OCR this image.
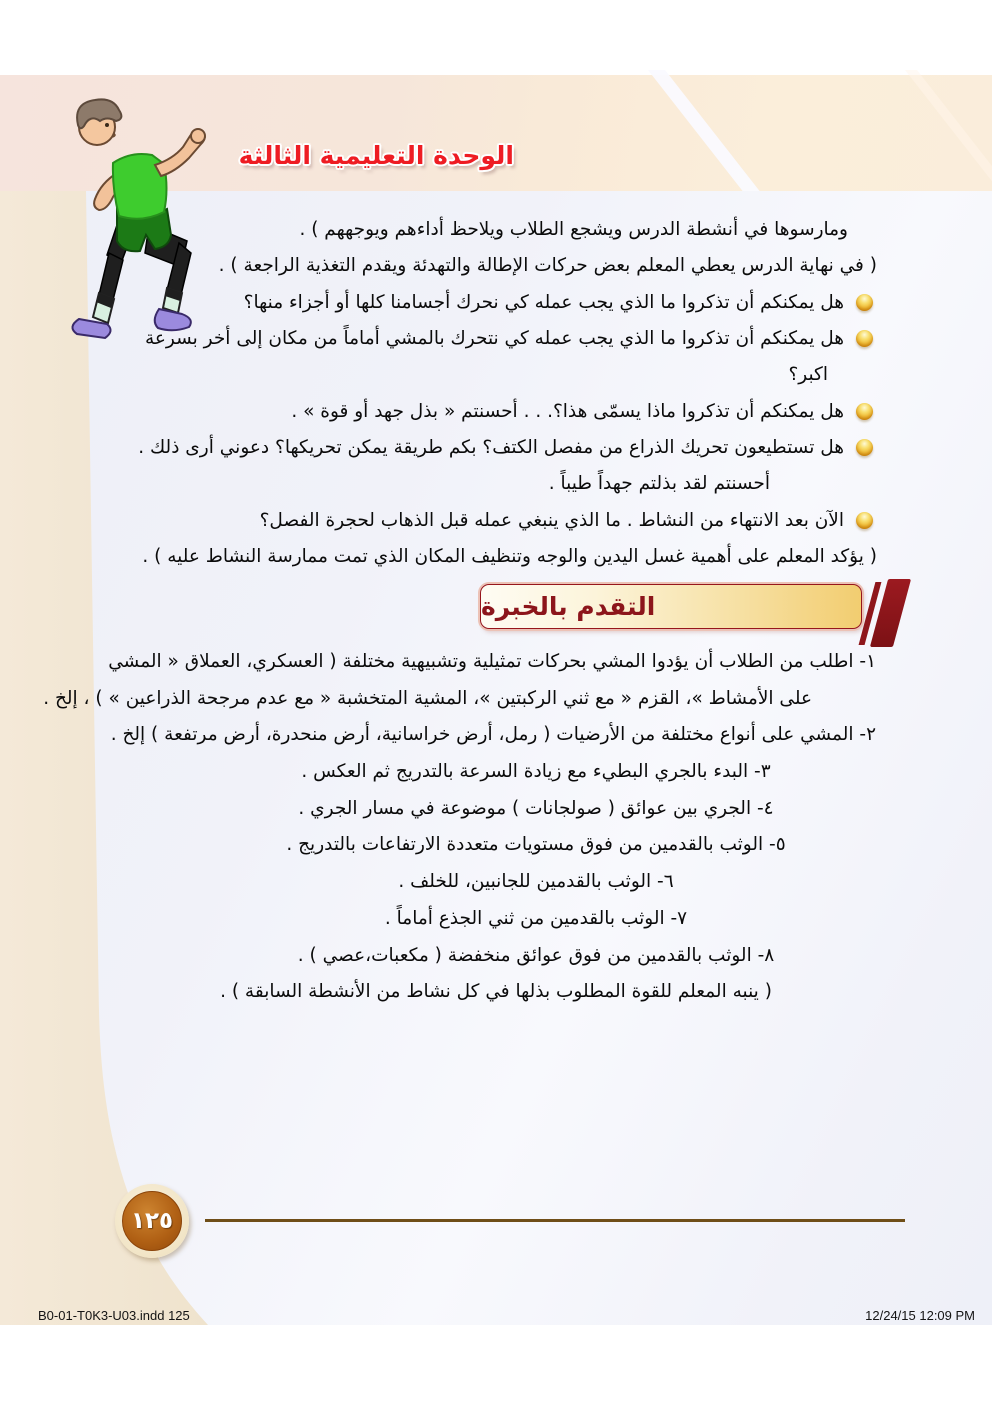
الوحدة التعليمية الثالثة
ومارسوها في أنشطة الدرس ويشجع الطلاب ويلاحظ أداءهم ويوجههم ) .
( في نهاية الدرس يعطي المعلم بعض حركات الإطالة والتهدئة ويقدم التغذية الراجعة ) .
هل يمكنكم أن تذكروا ما الذي يجب عمله كي نحرك أجسامنا كلها أو أجزاء منها؟
هل يمكنكم أن تذكروا ما الذي يجب عمله كي نتحرك بالمشي أماماً من مكان إلى أخر بسرعة
اكبر؟
هل يمكنكم أن تذكروا ماذا يسمّى هذا؟. . . أحسنتم « بذل جهد أو قوة » .
هل تستطيعون تحريك الذراع من مفصل الكتف؟ بكم طريقة يمكن تحريكها؟ دعوني أرى ذلك .
أحسنتم لقد بذلتم جهداً طيباً .
الآن بعد الانتهاء من النشاط . ما الذي ينبغي عمله قبل الذهاب لحجرة الفصل؟
( يؤكد المعلم على أهمية غسل اليدين والوجه وتنظيف المكان الذي تمت ممارسة النشاط عليه ) .
التقدم بالخبرة
١- اطلب من الطلاب أن يؤدوا المشي بحركات تمثيلية وتشبيهية مختلفة ( العسكري، العملاق « المشي
على الأمشاط »، القزم « مع ثني الركبتين »، المشية المتخشبة « مع عدم مرجحة الذراعين » ) ، إلخ .
٢- المشي على أنواع مختلفة من الأرضيات ( رمل، أرض خراسانية، أرض منحدرة، أرض مرتفعة ) إلخ .
٣- البدء بالجري البطيء مع زيادة السرعة بالتدريج ثم العكس .
٤- الجري بين عوائق ( صولجانات ) موضوعة في مسار الجري .
٥- الوثب بالقدمين من فوق مستويات متعددة الارتفاعات بالتدريج .
٦- الوثب بالقدمين للجانبين، للخلف .
٧- الوثب بالقدمين من ثني الجذع أماماً .
٨- الوثب بالقدمين من فوق عوائق منخفضة ( مكعبات،عصي ) .
( ينبه المعلم للقوة المطلوب بذلها في كل نشاط من الأنشطة السابقة ) .
١٢٥
B0-01-T0K3-U03.indd 125	12/24/15 12:09 PM
